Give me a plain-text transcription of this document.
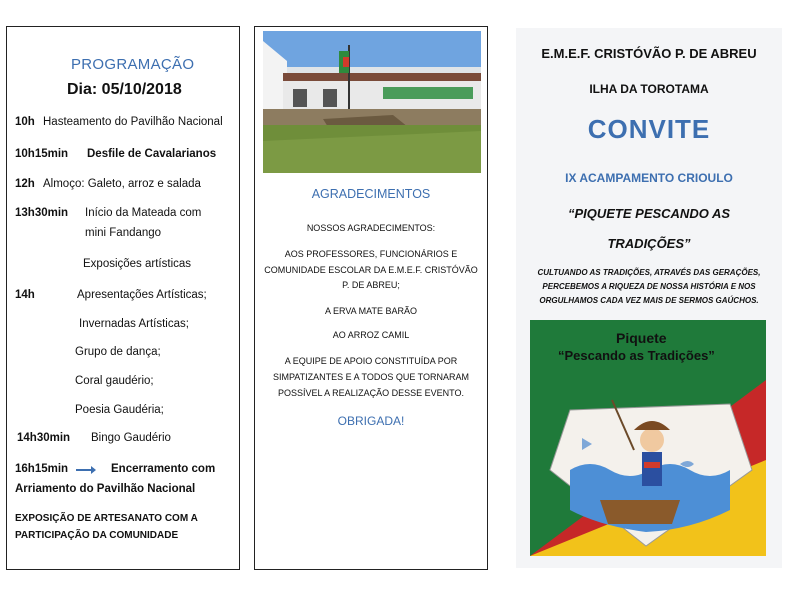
PROGRAMAÇÃO
Dia: 05/10/2018
10h Hasteamento do Pavilhão Nacional
10h15min Desfile de Cavalarianos
12h Almoço: Galeto, arroz e salada
13h30min Início da Mateada com
mini Fandango
Exposições artísticas
14h	Apresentações Artísticas;
Invernadas Artísticas;
Grupo de dança;
Coral gaudério;
Poesia Gaudéria;
14h30min Bingo Gaudério
16h15min	Encerramento com
Arriamento do Pavilhão Nacional
EXPOSIÇÃO DE ARTESANATO COM A
PARTICIPAÇÃO DA COMUNIDADE
AGRADECIMENTOS
NOSSOS AGRADECIMENTOS:
AOS PROFESSORES, FUNCIONÁRIOS E
COMUNIDADE ESCOLAR DA E.M.E.F. CRISTÓVÃO
P. DE ABREU;
A ERVA MATE BARÃO
AO ARROZ CAMIL
A EQUIPE DE APOIO CONSTITUÍDA POR
SIMPATIZANTES E A TODOS QUE TORNARAM
POSSÍVEL A REALIZAÇÃO DESSE EVENTO.
OBRIGADA!
E.M.E.F. CRISTÓVÃO P. DE ABREU
ILHA DA TOROTAMA
CONVITE
IX ACAMPAMENTO CRIOULO
“PIQUETE PESCANDO AS
TRADIÇÕES”
CULTUANDO AS TRADIÇÕES, ATRAVÉS DAS GERAÇÕES,
PERCEBEMOS A RIQUEZA DE NOSSA HISTÓRIA E NOS
ORGULHAMOS CADA VEZ MAIS DE SERMOS GAÚCHOS.
Piquete
“Pescando as Tradições”
